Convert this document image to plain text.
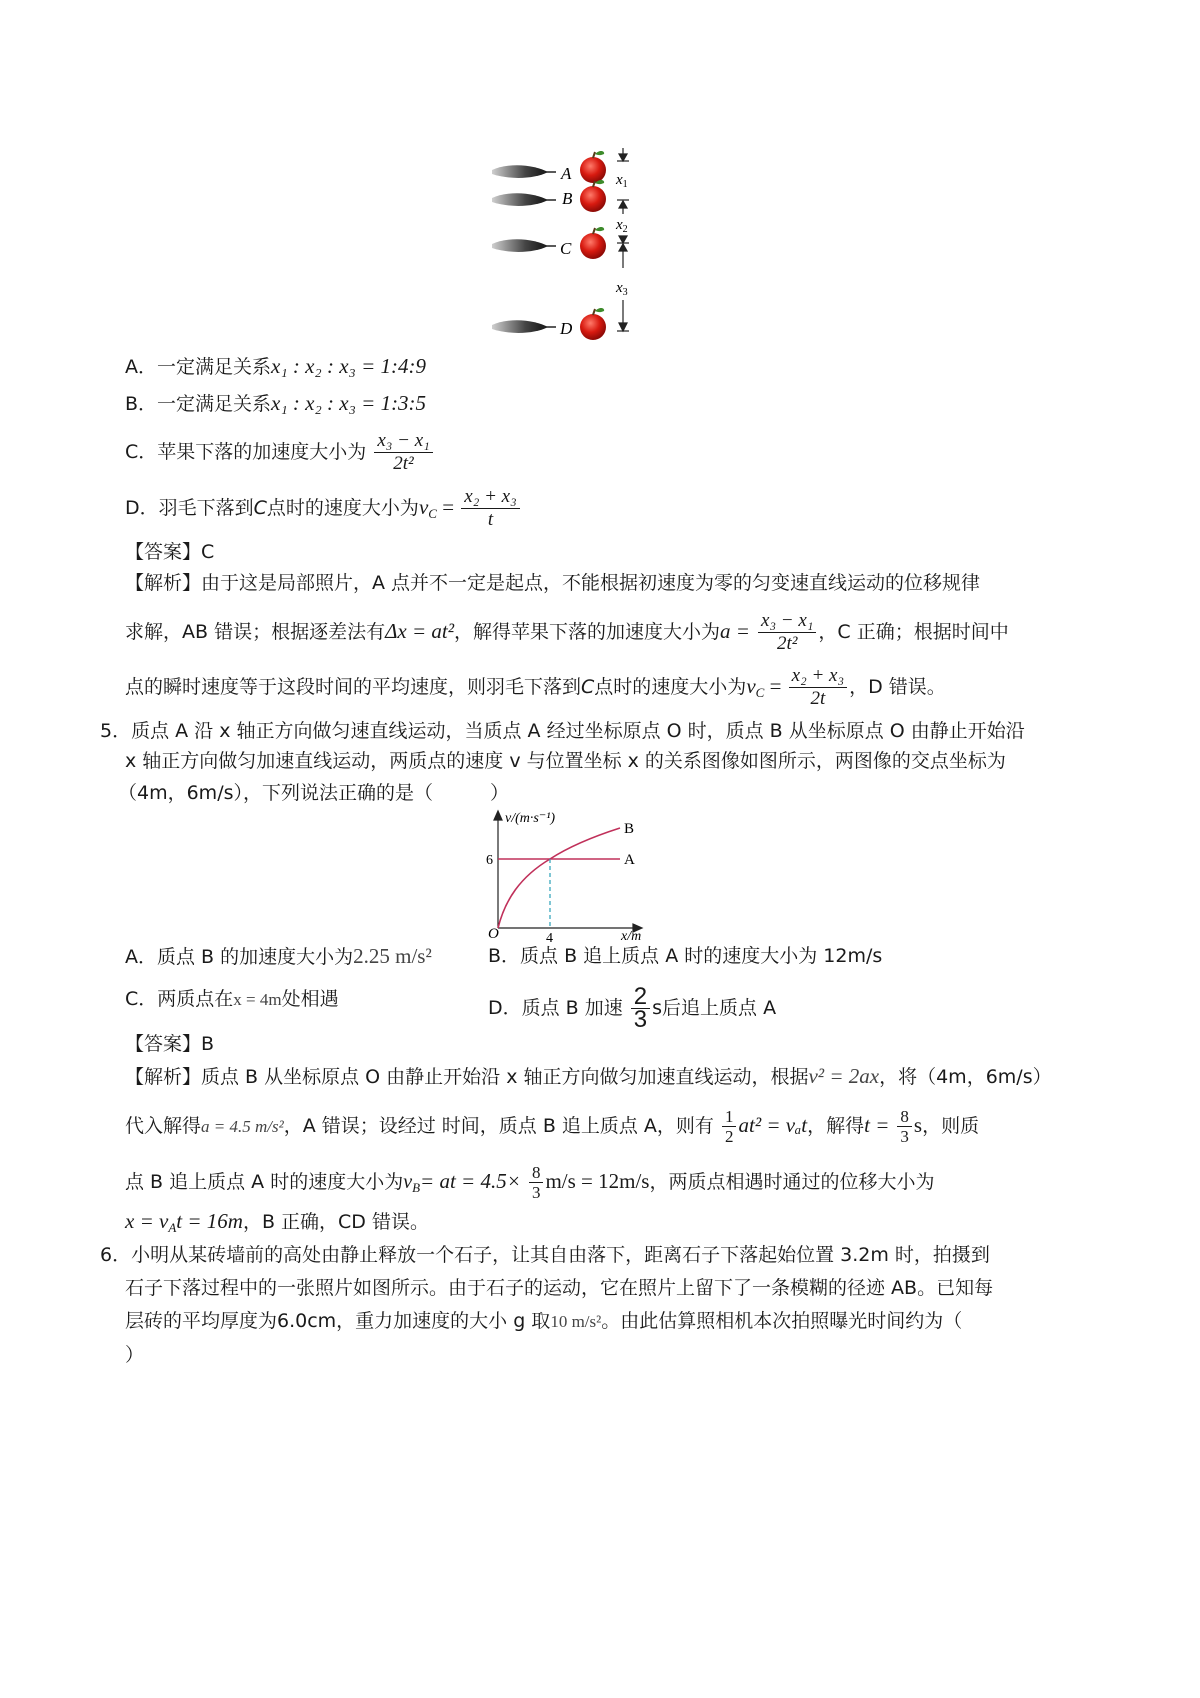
A
B
C
D
$x_1$
$x_2$
$x_3$
A．一定满足关系x₁ : x₂ : x₃ = 1:4:9
B．一定满足关系x₁ : x₂ : x₃ = 1:3:5
C．苹果下落的加速度大小为 $\frac{\text{x₃ − x₁}}{\text{2t²}}$
D．羽毛下落到C点时的速度大小为$v_C = \frac{\text{x₂ + x₃}}{t}$
【答案】C
【解析】由于这是局部照片，A 点并不一定是起点，不能根据初速度为零的匀变速直线运动的位移规律
求解，AB 错误；根据逐差法有Δx = at²，解得苹果下落的加速度大小为$a = \frac{\text{x₃ − x₁}}{\text{2t²}}$ ，C 正确；根据时间中
点的瞬时速度等于这段时间的平均速度，则羽毛下落到C点时的速度大小为$v_C = \frac{\text{x₂ + x₃}}{2t}$ ，D 错误。
5．质点 A 沿 x 轴正方向做匀速直线运动，当质点 A 经过坐标原点 O 时，质点 B 从坐标原点 O 由静止开始沿
x 轴正方向做匀加速直线运动，两质点的速度 v 与位置坐标 x 的关系图像如图所示，两图像的交点坐标为
（4m，6m/s），下列说法正确的是（　　　）
v/(m·s⁻¹)
x/m
O	4
6	A
B
A．质点 B 的加速度大小为2.25 m/s²	B．质点 B 追上质点 A 时的速度大小为 12m/s
C．两质点在x = 4m处相遇	D．质点 B 加速 $\frac{2}{3}$ s后追上质点 A
【答案】B
【解析】质点 B 从坐标原点 O 由静止开始沿 x 轴正方向做匀加速直线运动，根据v² = 2ax，将（4m，6m/s）
代入解得a = 4.5 m/s²，A 错误；设经过 时间，质点 B 追上质点 A，则有 $\frac{1}{2} at^2 = v_at$，解得$t = \frac{8}{3}$ s，则质
点 B 追上质点 A 时的速度大小为$v_B=$ at = $4.5\times \frac{8}{3} m/s = 12m/s$，两质点相遇时通过的位移大小为
$x = v_At = 16m$，B 正确，CD 错误。
6．小明从某砖墙前的高处由静止释放一个石子，让其自由落下，距离石子下落起始位置 3.2m 时，拍摄到
石子下落过程中的一张照片如图所示。由于石子的运动，它在照片上留下了一条模糊的径迹 AB。已知每
层砖的平均厚度为6.0cm，重力加速度的大小 g 取10 m/s²。由此估算照相机本次拍照曝光时间约为（
）
